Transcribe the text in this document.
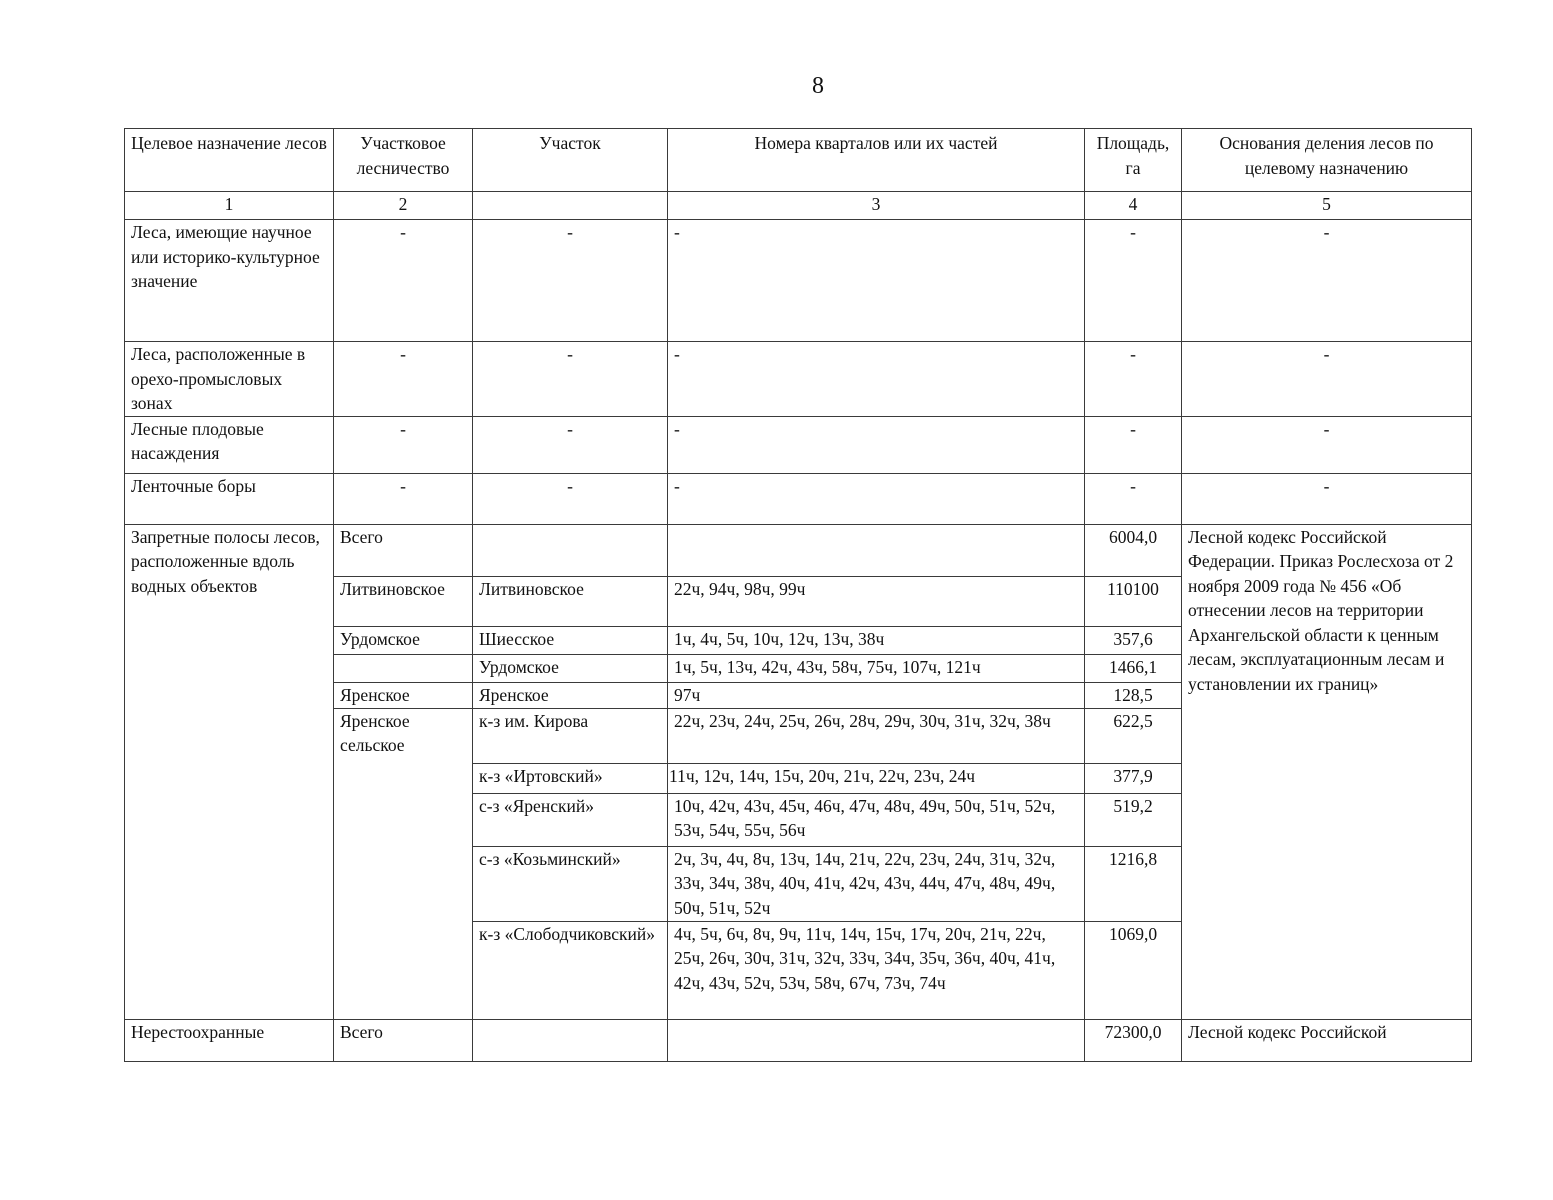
8
Целевое назначение лесов	Участковое лесничество	Участок	Номера кварталов или их частей	Площадь, га	Основания деления лесов по целевому назначению
1	2		3	4	5
Леса, имеющие научное или историко-культурное значение	-	-	-	-	-
Леса, расположенные в орехо-промысловых зонах	-	-	-	-	-
Лесные плодовые насаждения	-	-	-	-	-
Ленточные боры	-	-	-	-	-
Запретные полосы лесов, расположенные вдоль водных объектов	Всего			6004,0	Лесной кодекс Российской Федерации. Приказ Рослесхоза от 2 ноября 2009 года № 456 «Об отнесении лесов на территории Архангельской области к ценным лесам, эксплуатационным лесам и установлении их границ»
	Литвиновское	Литвиновское	22ч, 94ч, 98ч, 99ч	110100	
	Урдомское	Шиесское	1ч, 4ч, 5ч, 10ч, 12ч, 13ч, 38ч	357,6	
		Урдомское	1ч, 5ч, 13ч, 42ч, 43ч, 58ч, 75ч, 107ч, 121ч	1466,1	
	Яренское	Яренское	97ч	128,5	
	Яренское сельское	к-з им. Кирова	22ч, 23ч, 24ч, 25ч, 26ч, 28ч, 29ч, 30ч, 31ч, 32ч, 38ч	622,5	
		к-з «Иртовский»	11ч, 12ч, 14ч, 15ч, 20ч, 21ч, 22ч, 23ч, 24ч	377,9	
		с-з «Яренский»	10ч, 42ч, 43ч, 45ч, 46ч, 47ч, 48ч, 49ч, 50ч, 51ч, 52ч, 53ч, 54ч, 55ч, 56ч	519,2	
		с-з «Козьминский»	2ч, 3ч, 4ч, 8ч, 13ч, 14ч, 21ч, 22ч, 23ч, 24ч, 31ч, 32ч, 33ч, 34ч, 38ч, 40ч, 41ч, 42ч, 43ч, 44ч, 47ч, 48ч, 49ч, 50ч, 51ч, 52ч	1216,8	
		к-з «Слободчиковский»	4ч, 5ч, 6ч, 8ч, 9ч, 11ч, 14ч, 15ч, 17ч, 20ч, 21ч, 22ч, 25ч, 26ч, 30ч, 31ч, 32ч, 33ч, 34ч, 35ч, 36ч, 40ч, 41ч, 42ч, 43ч, 52ч, 53ч, 58ч, 67ч, 73ч, 74ч	1069,0	
Нерестоохранные	Всего			72300,0	Лесной кодекс Российской
